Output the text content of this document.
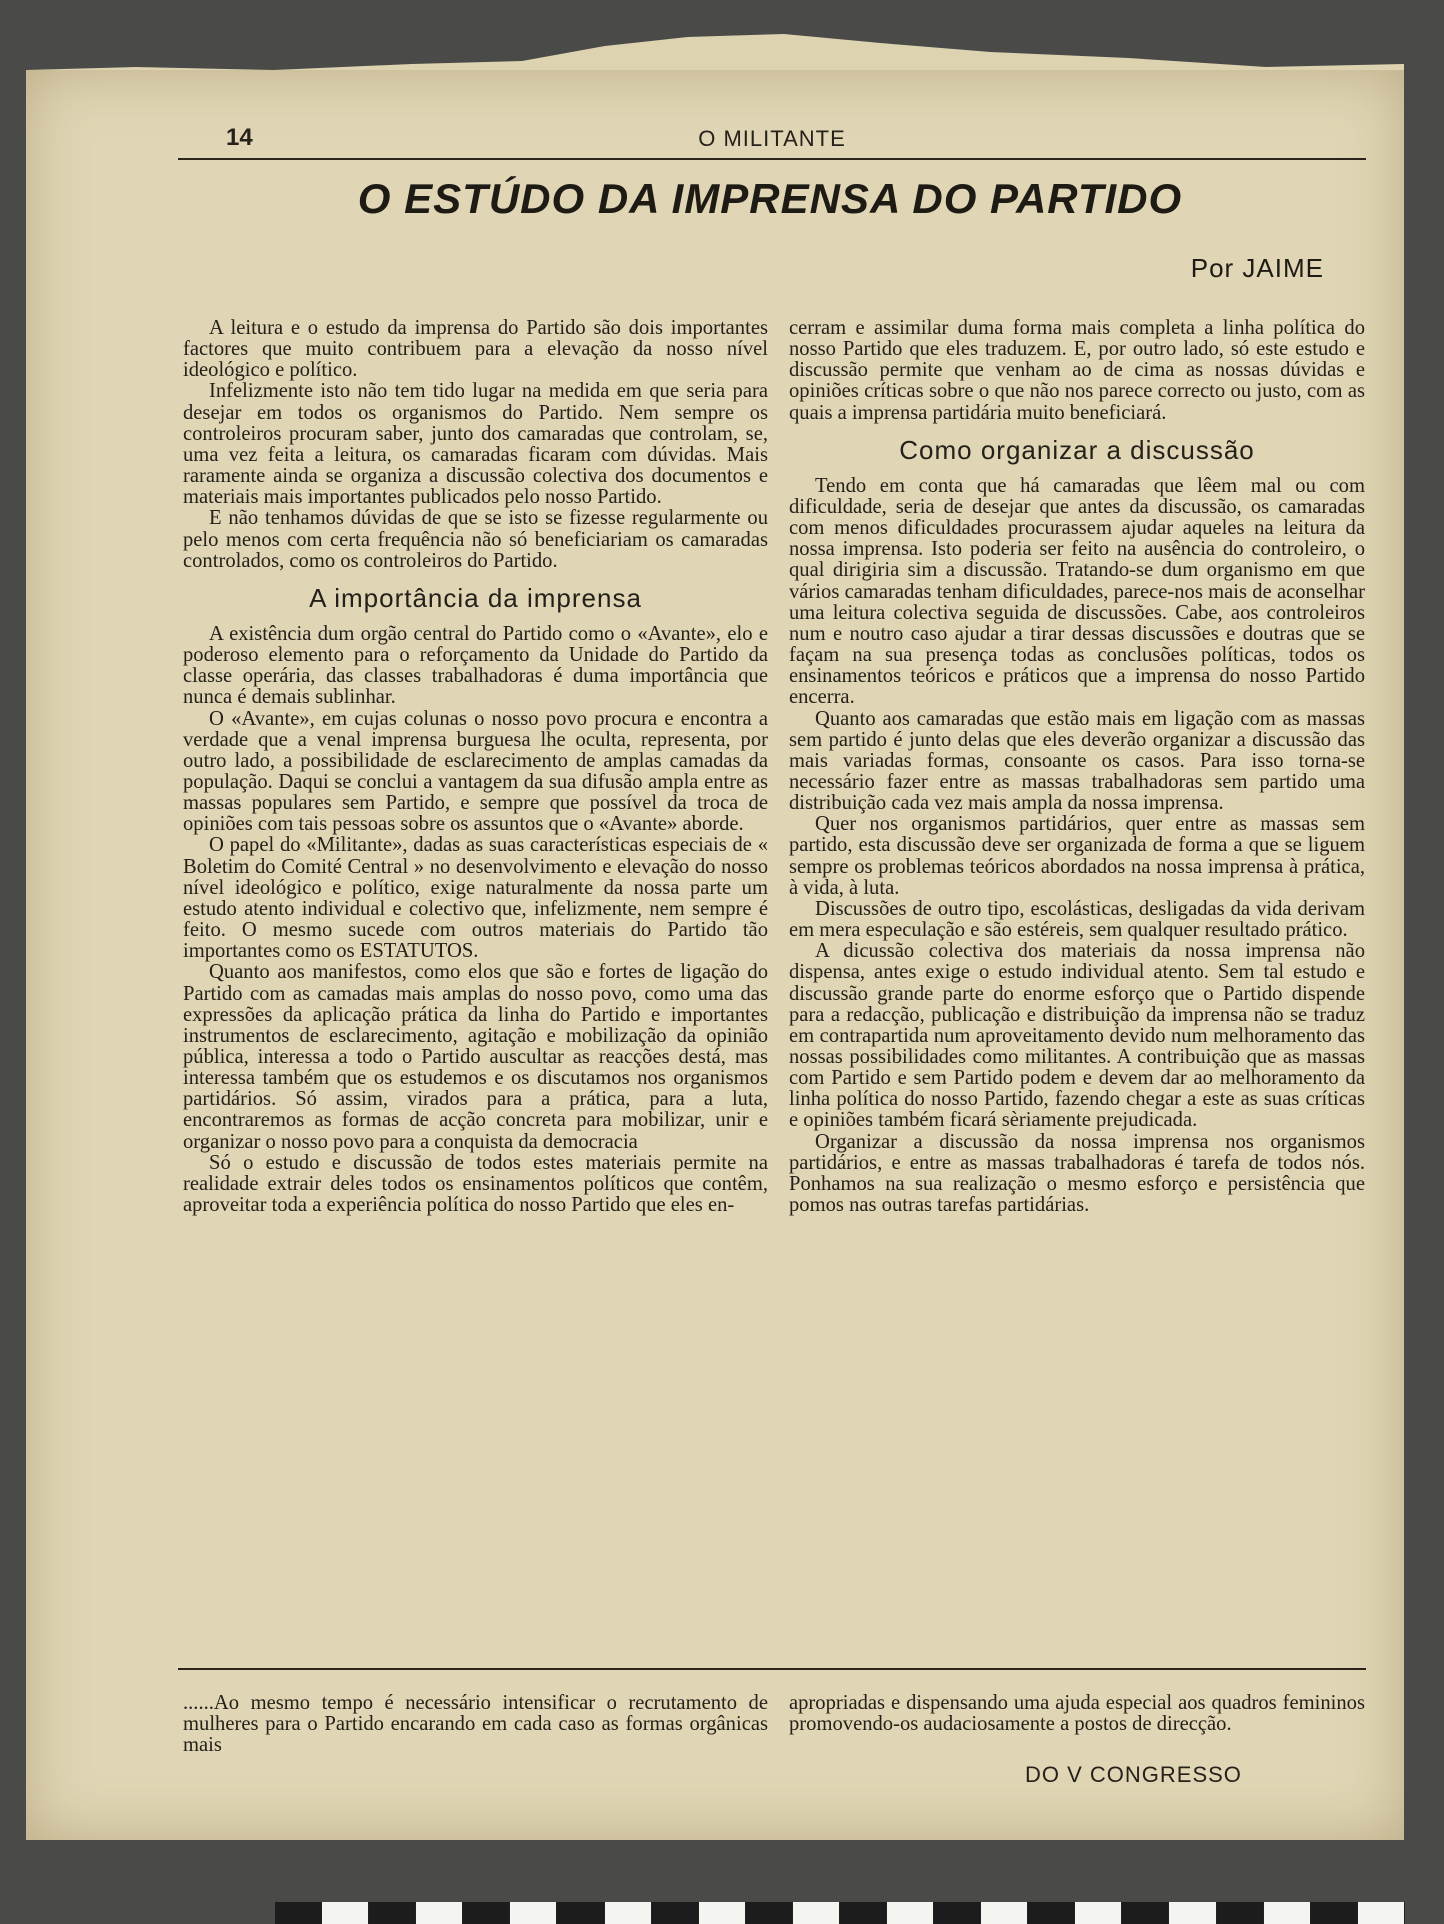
14	O MILITANTE
O ESTÚDO DA IMPRENSA DO PARTIDO
Por JAIME

A leitura e o estudo da imprensa do Partido são dois importantes factores que muito contribuem para a elevação da nosso nível ideológico e político.

Infelizmente isto não tem tido lugar na medida em que seria para desejar em todos os organismos do Partido. Nem sempre os controleiros procuram saber, junto dos camaradas que controlam, se, uma vez feita a leitura, os camaradas ficaram com dúvidas. Mais raramente ainda se organiza a discussão colectiva dos documentos e materiais mais importantes publicados pelo nosso Partido.

E não tenhamos dúvidas de que se isto se fizesse regularmente ou pelo menos com certa frequência não só beneficiariam os camaradas controlados, como os controleiros do Partido.

A importância da imprensa

A existência dum orgão central do Partido como o «Avante», elo e poderoso elemento para o reforçamento da Unidade do Partido da classe operária, das classes trabalhadoras é duma importância que nunca é demais sublinhar.

O «Avante», em cujas colunas o nosso povo procura e encontra a verdade que a venal imprensa burguesa lhe oculta, representa, por outro lado, a possibilidade de esclarecimento de amplas camadas da população. Daqui se conclui a vantagem da sua difusão ampla entre as massas populares sem Partido, e sempre que possível da troca de opiniões com tais pessoas sobre os assuntos que o «Avante» aborde.

O papel do «Militante», dadas as suas características especiais de « Boletim do Comité Central » no desenvolvimento e elevação do nosso nível ideológico e político, exige naturalmente da nossa parte um estudo atento individual e colectivo que, infelizmente, nem sempre é feito. O mesmo sucede com outros materiais do Partido tão importantes como os ESTATUTOS.

Quanto aos manifestos, como elos que são e fortes de ligação do Partido com as camadas mais amplas do nosso povo, como uma das expressões da aplicação prática da linha do Partido e importantes instrumentos de esclarecimento, agitação e mobilização da opinião pública, interessa a todo o Partido auscultar as reacções destá, mas interessa também que os estudemos e os discutamos nos organismos partidários. Só assim, virados para a prática, para a luta, encontraremos as formas de acção concreta para mobilizar, unir e organizar o nosso povo para a conquista da democracia

Só o estudo e discussão de todos estes materiais permite na realidade extrair deles todos os ensinamentos políticos que contêm, aproveitar toda a experiência política do nosso Partido que eles en-

cerram e assimilar duma forma mais completa a linha política do nosso Partido que eles traduzem. E, por outro lado, só este estudo e discussão permite que venham ao de cima as nossas dúvidas e opiniões críticas sobre o que não nos parece correcto ou justo, com as quais a imprensa partidária muito beneficiará.

Como organizar a discussão

Tendo em conta que há camaradas que lêem mal ou com dificuldade, seria de desejar que antes da discussão, os camaradas com menos dificuldades procurassem ajudar aqueles na leitura da nossa imprensa. Isto poderia ser feito na ausência do controleiro, o qual dirigiria sim a discussão. Tratando-se dum organismo em que vários camaradas tenham dificuldades, parece-nos mais de aconselhar uma leitura colectiva seguida de discussões. Cabe, aos controleiros num e noutro caso ajudar a tirar dessas discussões e doutras que se façam na sua presença todas as conclusões políticas, todos os ensinamentos teóricos e práticos que a imprensa do nosso Partido encerra.

Quanto aos camaradas que estão mais em ligação com as massas sem partido é junto delas que eles deverão organizar a discussão das mais variadas formas, consoante os casos. Para isso torna-se necessário fazer entre as massas trabalhadoras sem partido uma distribuição cada vez mais ampla da nossa imprensa.

Quer nos organismos partidários, quer entre as massas sem partido, esta discussão deve ser organizada de forma a que se liguem sempre os problemas teóricos abordados na nossa imprensa à prática, à vida, à luta.

Discussões de outro tipo, escolásticas, desligadas da vida derivam em mera especulação e são estéreis, sem qualquer resultado prático.

A dicussão colectiva dos materiais da nossa imprensa não dispensa, antes exige o estudo individual atento. Sem tal estudo e discussão grande parte do enorme esforço que o Partido dispende para a redacção, publicação e distribuição da imprensa não se traduz em contrapartida num aproveitamento devido num melhoramento das nossas possibilidades como militantes. A contribuição que as massas com Partido e sem Partido podem e devem dar ao melhoramento da linha política do nosso Partido, fazendo chegar a este as suas críticas e opiniões também ficará sèriamente prejudicada.

Organizar a discussão da nossa imprensa nos organismos partidários, e entre as massas trabalhadoras é tarefa de todos nós. Ponhamos na sua realização o mesmo esforço e persistência que pomos nas outras tarefas partidárias.

......Ao mesmo tempo é necessário intensificar o recrutamento de mulheres para o Partido encarando em cada caso as formas orgânicas mais

apropriadas e dispensando uma ajuda especial aos quadros femininos promovendo-os audaciosamente a postos de direcção.

DO V CONGRESSO
